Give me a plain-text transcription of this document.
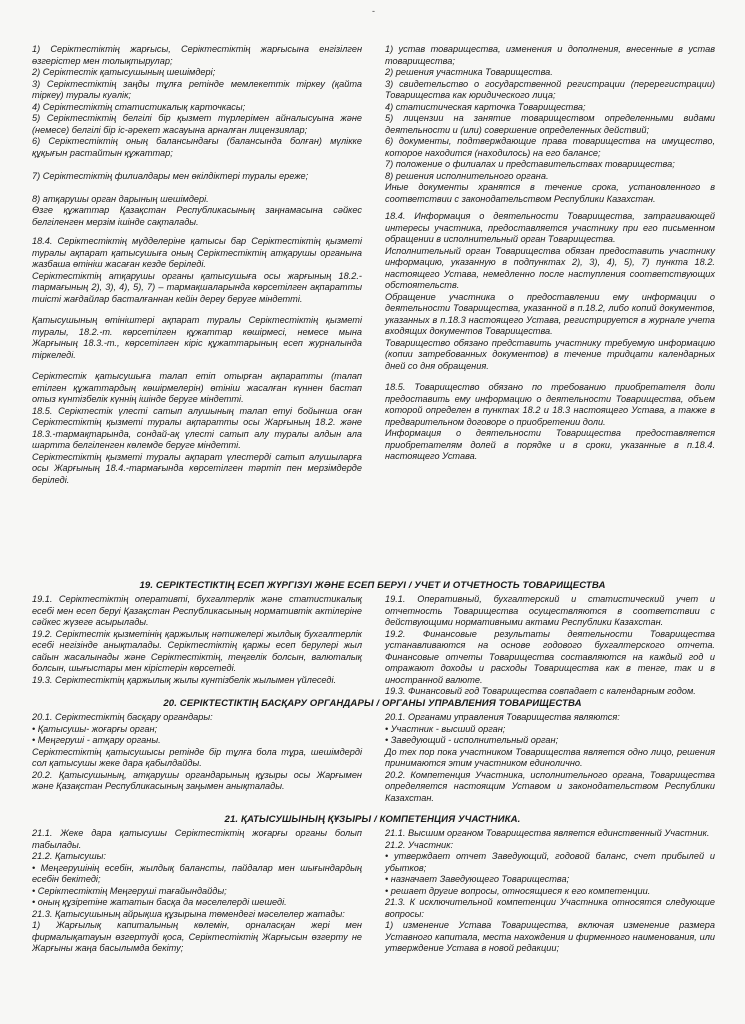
-

1) Серіктестіктің жарғысы, Серіктестіктің жарғысына енгізілген өзгерістер мен толықтырулар;
2) Серіктестік қатысушының шешімдері;
3) Серіктестіктің заңды тұлға ретінде мемлекеттік тіркеу (қайта тіркеу) туралы куәлік;
4) Серіктестіктің статистикалық карточкасы;
5) Серіктестіктің белгілі бір қызмет түрлерімен айналысуына және (немесе) белгілі бір іс-әрекет жасауына арналған лицензиялар;
6) Серіктестіктің оның балансындағы (балансында болған) мүлікке құқығын растайтын құжаттар;

7) Серіктестіктің филиалдары мен өкілдіктері туралы ереже;

8) атқарушы орган дарының шешімдері.
Өзге құжаттар Қазақстан Республикасының заңнамасына сәйкес белгіленген мерзім ішінде сақталады.

18.4. Серіктестіктің мүдделеріне қатысы бар Серіктестіктің қызметі туралы ақпарат қатысушыға оның Серіктестіктің атқарушы органына жазбаша өтініш жасаған кезде беріледі.
Серіктестіктің атқарушы органы қатысушыға осы жарғының 18.2.- тармағының 2), 3), 4), 5), 7) – тармақшаларында көрсетілген ақпаратты тиісті жағдайлар басталғаннан кейін дереу беруге міндетті.

Қатысушының өтініштері ақпарат туралы Серіктестіктің қызметі туралы, 18.2.-т. көрсетілген құжаттар көшірмесі, немесе мына Жарғының 18.3.-т., көрсетілген кіріс құжаттарының есеп журналында тіркеледі.

Серіктестік қатысушыға талап етіп отырған ақпаратты (талап етілген құжаттардың көшірмелерін) өтініш жасалған күннен бастап отыз күнтізбелік күннің ішінде беруге міндетті.
18.5. Серіктестік үлесті сатып алушының талап етуі бойынша оған Серіктестіктің қызметі туралы ақпаратты осы Жарғының 18.2. және 18.3.-тармақтарында, сондай-ақ үлесті сатып алу туралы алдын ала шартта белгіленген көлемде беруге міндетті.
Серіктестіктің қызметі туралы ақпарат үлестерді сатып алушыларға осы Жарғының 18.4.-тармағында көрсетілген тәртіп пен мерзімдерде беріледі.

1) устав товарищества, изменения и дополнения, внесенные в устав товарищества;
2) решения участника Товарищества.
3) свидетельство о государственной регистрации (перерегистрации) Товарищества как юридического лица;
4) статистическая карточка Товарищества;
5) лицензии на занятие товариществом определенными видами деятельности и (или) совершение определенных действий;
6) документы, подтверждающие права товарищества на имущество, которое находится (находилось) на его балансе;
7) положение о филиалах и представительствах товарищества;
8) решения исполнительного органа.
Иные документы хранятся в течение срока, установленного в соответствии с законодательством Республики Казахстан.

18.4. Информация о деятельности Товарищества, затрагивающей интересы участника, предоставляется участнику при его письменном обращении в исполнительный орган Товарищества.
Исполнительный орган Товарищества обязан предоставить участнику информацию, указанную в подпунктах 2), 3), 4), 5), 7) пункта 18.2. настоящего Устава, немедленно после наступления соответствующих обстоятельств.
Обращение участника о предоставлении ему информации о деятельности Товарищества, указанной в п.18.2, либо копий документов, указанных в п.18.3 настоящего Устава, регистрируется в журнале учета входящих документов Товарищества.
Товарищество обязано представить участнику требуемую информацию (копии затребованных документов) в течение тридцати календарных дней со дня обращения.

18.5. Товарищество обязано по требованию приобретателя доли предоставить ему информацию о деятельности Товарищества, объем которой определен в пунктах 18.2 и 18.3 настоящего Устава, а также в предварительном договоре о приобретении доли.
Информация о деятельности Товарищества предоставляется приобретателям долей в порядке и в сроки, указанные в п.18.4. настоящего Устава.

19. СЕРІКТЕСТІКТІҢ ЕСЕП ЖҮРГІЗУІ ЖӘНЕ ЕСЕП БЕРУІ / УЧЕТ И ОТЧЕТНОСТЬ ТОВАРИЩЕСТВА

19.1. Серіктестіктің оперативті, бухгалтерлік және статистикалық есебі мен есеп беруі Қазақстан Республикасының нормативтік актілеріне сәйкес жүзеге асырылады.
19.2. Серіктестік қызметінің қаржылық нәтижелері жылдық бухгалтерлік есебі негізінде анықталады. Серіктестіктің қаржы есеп берулері жыл сайын жасалынады және Серіктестіктің, теңгелік болсын, валюталық болсын, шығыстары мен кірістерін көрсетеді.
19.3. Серіктестіктің қаржылық жылы күнтізбелік жылымен үйлеседі.

19.1. Оперативный, бухгалтерский и статистический учет и отчетность Товарищества осуществляются в соответствии с действующими нормативными актами Республики Казахстан.
19.2. Финансовые результаты деятельности Товарищества устанавливаются на основе годового бухгалтерского отчета. Финансовые отчеты Товарищества составляются на каждый год и отражают доходы и расходы Товарищества как в тенге, так и в иностранной валюте.
19.3. Финансовый год Товарищества совпадает с календарным годом.

20. СЕРІКТЕСТІКТІҢ БАСҚАРУ ОРГАНДАРЫ / ОРГАНЫ УПРАВЛЕНИЯ ТОВАРИЩЕСТВА

20.1. Серіктестіктің басқару органдары:
• Қатысушы- жоғарғы орган;
• Меңгеруші - атқару органы.
Серіктестіктің қатысушысы ретінде бір тұлға бола тұра, шешімдерді сол қатысушы жеке дара қабылдайды.
20.2. Қатысушының, атқарушы органдарының құзыры осы Жарғымен және Қазақстан Республикасының заңымен анықталады.

20.1. Органами управления Товарищества являются:
• Участник - высший орган;
• Заведующий - исполнительный орган;
До тех пор пока участником Товарищества является одно лицо, решения принимаются этим участником единолично.
20.2. Компетенция Участника, исполнительного органа, Товарищества определяется настоящим Уставом и законодательством Республики Казахстан.

21. ҚАТЫСУШЫНЫҢ ҚҰЗЫРЫ / КОМПЕТЕНЦИЯ УЧАСТНИКА.

21.1. Жеке дара қатысушы Серіктестіктің жоғарғы органы болып табылады.
21.2. Қатысушы:
• Меңгерушінің есебін, жылдық балансты, пайдалар мен шығындардың есебін бекітеді;
• Серіктестіктің Меңгеруші тағайындайды;
• оның құзіретіне жататын басқа да мәселелерді шешеді.
21.3. Қатысушының айрықша құзырына төмендегі мәселелер жатады:
1) Жарғылық капиталының көлемін, орналасқан жері мен фирмалықатауын өзгертуді қоса, Серіктестіктің Жарғысын өзгерту не Жарғыны жаңа басылымда бекіту;

21.1. Высшим органом Товарищества является единственный Участник.
21.2. Участник:
• утверждает отчет Заведующий, годовой баланс, счет прибылей и убытков;
• назначает Заведующего Товарищества;
• решает другие вопросы, относящиеся к его компетенции.
21.3. К исключительной компетенции Участника относятся следующие вопросы:
1) изменение Устава Товарищества, включая изменение размера Уставного капитала, места нахождения и фирменного наименования, или утверждение Устава в новой редакции;
